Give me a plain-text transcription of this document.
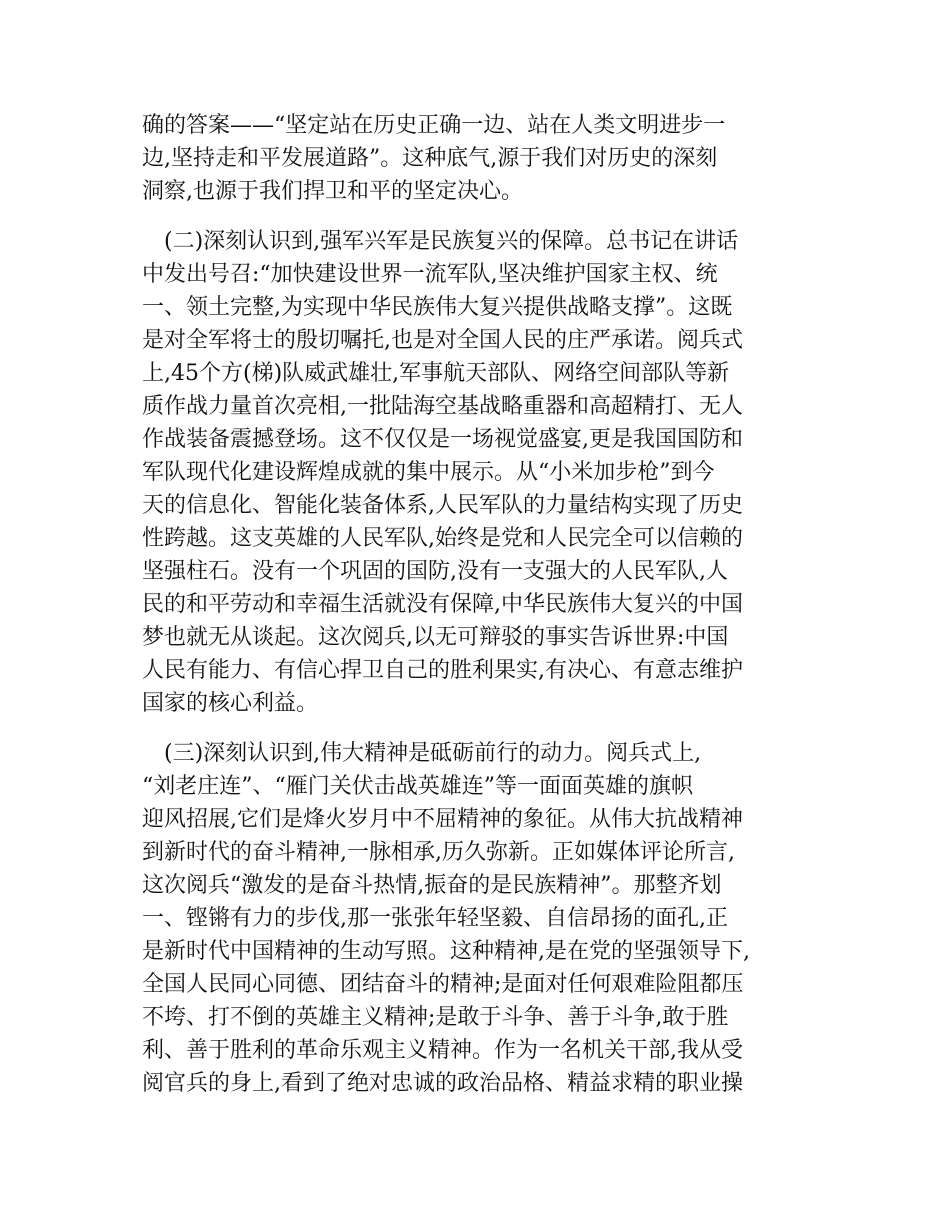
确的答案——“坚定站在历史正确一边、站在人类文明进步一
边,坚持走和平发展道路”。这种底气,源于我们对历史的深刻
洞察,也源于我们捍卫和平的坚定决心。
(二)深刻认识到,强军兴军是民族复兴的保障。总书记在讲话
中发出号召:“加快建设世界一流军队,坚决维护国家主权、统
一、领土完整,为实现中华民族伟大复兴提供战略支撑”。这既
是对全军将士的殷切嘱托,也是对全国人民的庄严承诺。阅兵式
上,45个方(梯)队威武雄壮,军事航天部队、网络空间部队等新
质作战力量首次亮相,一批陆海空基战略重器和高超精打、无人
作战装备震撼登场。这不仅仅是一场视觉盛宴,更是我国国防和
军队现代化建设辉煌成就的集中展示。从“小米加步枪”到今
天的信息化、智能化装备体系,人民军队的力量结构实现了历史
性跨越。这支英雄的人民军队,始终是党和人民完全可以信赖的
坚强柱石。没有一个巩固的国防,没有一支强大的人民军队,人
民的和平劳动和幸福生活就没有保障,中华民族伟大复兴的中国
梦也就无从谈起。这次阅兵,以无可辩驳的事实告诉世界:中国
人民有能力、有信心捍卫自己的胜利果实,有决心、有意志维护
国家的核心利益。
(三)深刻认识到,伟大精神是砥砺前行的动力。阅兵式上,
“刘老庄连”、“雁门关伏击战英雄连”等一面面英雄的旗帜
迎风招展,它们是烽火岁月中不屈精神的象征。从伟大抗战精神
到新时代的奋斗精神,一脉相承,历久弥新。正如媒体评论所言,
这次阅兵“激发的是奋斗热情,振奋的是民族精神”。那整齐划
一、铿锵有力的步伐,那一张张年轻坚毅、自信昂扬的面孔,正
是新时代中国精神的生动写照。这种精神,是在党的坚强领导下,
全国人民同心同德、团结奋斗的精神;是面对任何艰难险阻都压
不垮、打不倒的英雄主义精神;是敢于斗争、善于斗争,敢于胜
利、善于胜利的革命乐观主义精神。作为一名机关干部,我从受
阅官兵的身上,看到了绝对忠诚的政治品格、精益求精的职业操
